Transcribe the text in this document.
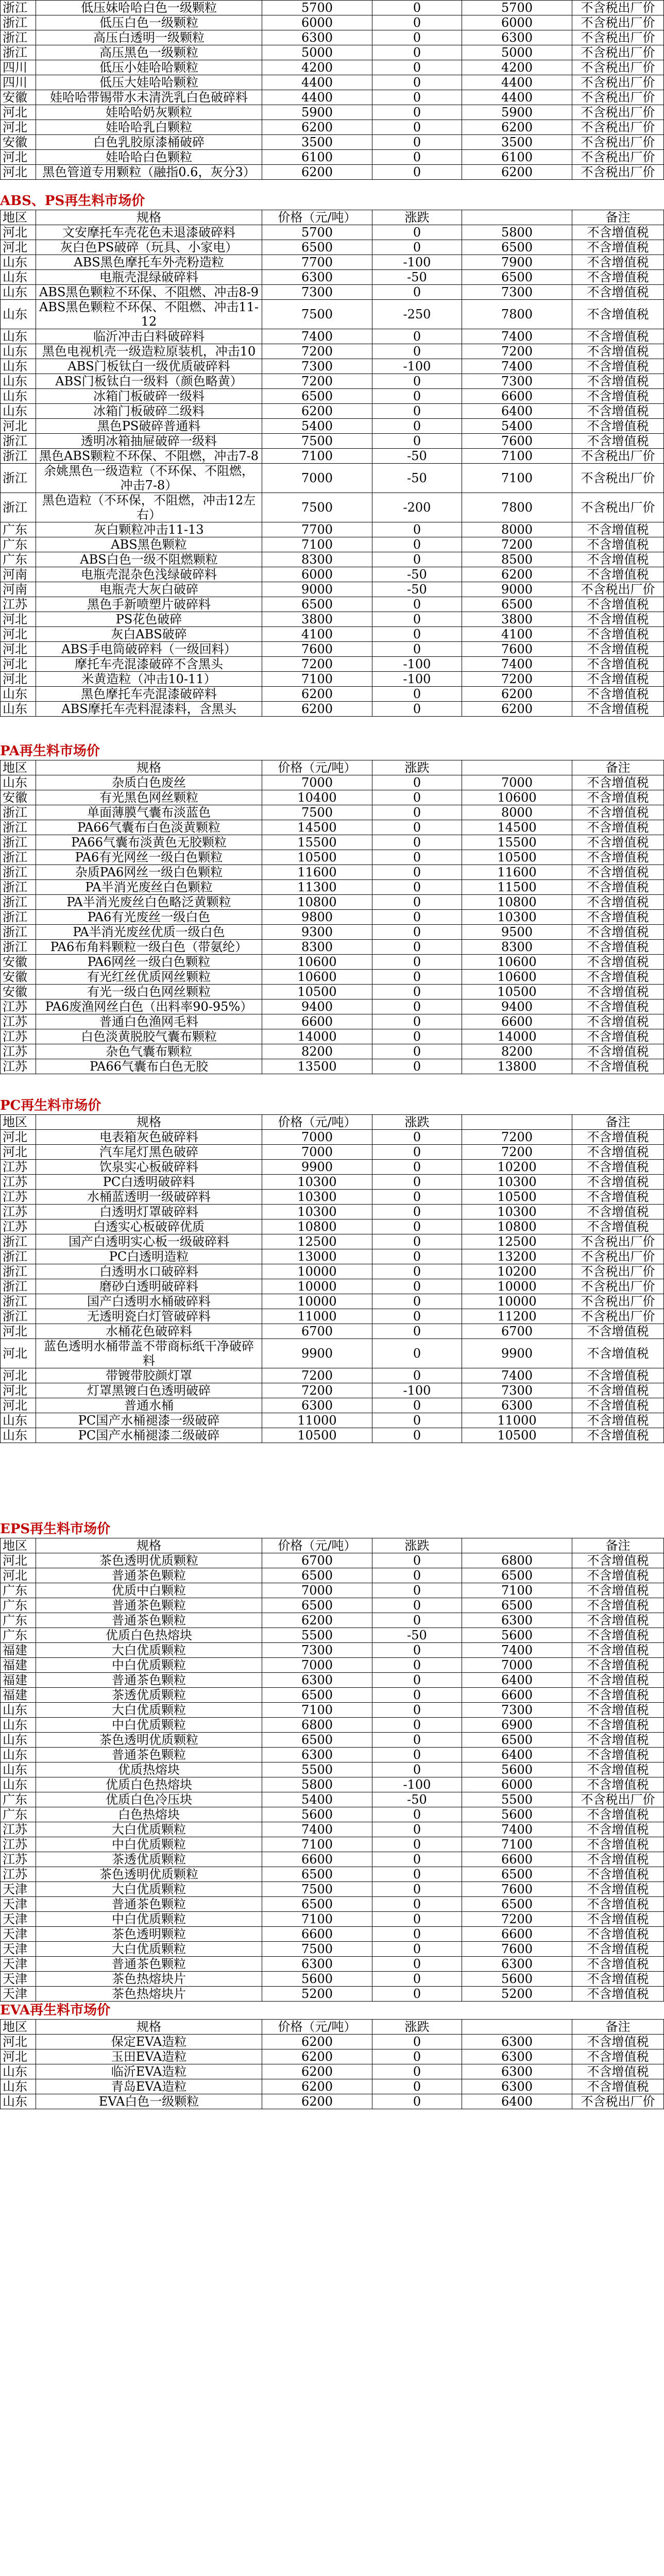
浙江	低压妹哈哈白色一级颗粒	5700	0	5700	不含税出厂价
浙江	低压白色一级颗粒	6000	0	6000	不含税出厂价
浙江	高压白透明一级颗粒	6300	0	6300	不含税出厂价
浙江	高压黑色一级颗粒	5000	0	5000	不含税出厂价
四川	低压小娃哈哈颗粒	4200	0	4200	不含税出厂价
四川	低压大娃哈哈颗粒	4400	0	4400	不含税出厂价
安徽	娃哈哈带锡带水未清洗乳白色破碎料	4400	0	4400	不含税出厂价
河北	娃哈哈奶灰颗粒	5900	0	5900	不含税出厂价
河北	娃哈哈乳白颗粒	6200	0	6200	不含税出厂价
安徽	白色乳胶原漆桶破碎	3500	0	3500	不含税出厂价
河北	娃哈哈白色颗粒	6100	0	6100	不含税出厂价
河北	黑色管道专用颗粒（融指0.6，灰分3）	6200	0	6200	不含税出厂价
ABS、PS再生料市场价
地区	规格	价格（元/吨）	涨跌		备注
河北	文安摩托车壳花色未退漆破碎料	5700	0	5800	不含增值税
河北	灰白色PS破碎（玩具、小家电）	6500	0	6500	不含增值税
山东	ABS黑色摩托车外壳粉造粒	7700	-100	7900	不含增值税
山东	电瓶壳混绿破碎料	6300	-50	6500	不含增值税
山东	ABS黑色颗粒不环保、不阻燃、冲击8-9	7300	0	7300	不含增值税
山东	ABS黑色颗粒不环保、不阻燃、冲击11-12	7500	-250	7800	不含增值税
山东	临沂冲击白料破碎料	7400	0	7400	不含增值税
山东	黑色电视机壳一级造粒原装机，冲击10	7200	0	7200	不含增值税
山东	ABS门板钛白一级优质破碎料	7300	-100	7400	不含增值税
山东	ABS门板钛白一级料（颜色略黄）	7200	0	7300	不含增值税
山东	冰箱门板破碎一级料	6500	0	6600	不含增值税
山东	冰箱门板破碎二级料	6200	0	6400	不含增值税
河北	黑色PS破碎普通料	5400	0	5400	不含增值税
浙江	透明冰箱抽屉破碎一级料	7500	0	7600	不含增值税
浙江	黑色ABS颗粒不环保、不阻燃，冲击7-8	7100	-50	7100	不含税出厂价
浙江	余姚黑色一级造粒（不环保、不阻燃，冲击7-8）	7000	-50	7100	不含税出厂价
浙江	黑色造粒（不环保，不阻燃，冲击12左右）	7500	-200	7800	不含税出厂价
广东	灰白颗粒冲击11-13	7700	0	8000	不含增值税
广东	ABS黑色颗粒	7100	0	7200	不含增值税
广东	ABS白色一级不阻燃颗粒	8300	0	8500	不含增值税
河南	电瓶壳混杂色浅绿破碎料	6000	-50	6200	不含增值税
河南	电瓶壳大灰白破碎	9000	-50	9000	不含税出厂价
江苏	黑色手新喷塑片破碎料	6500	0	6500	不含增值税
河北	PS花色破碎	3800	0	3800	不含增值税
河北	灰白ABS破碎	4100	0	4100	不含增值税
河北	ABS手电筒破碎料（一级回料）	7600	0	7600	不含增值税
河北	摩托车壳混漆破碎不含黑头	7200	-100	7400	不含增值税
河北	米黄造粒（冲击10-11）	7100	-100	7200	不含增值税
山东	黑色摩托车壳混漆破碎料	6200	0	6200	不含增值税
山东	ABS摩托车壳料混漆料，含黑头	6200	0	6200	不含增值税
PA再生料市场价
地区	规格	价格（元/吨）	涨跌		备注
山东	杂质白色废丝	7000	0	7000	不含增值税
安徽	有光黑色网丝颗粒	10400	0	10600	不含增值税
浙江	单面薄膜气囊布淡蓝色	7500	0	8000	不含增值税
浙江	PA66气囊布白色淡黄颗粒	14500	0	14500	不含增值税
浙江	PA66气囊布淡黄色无胶颗粒	15500	0	15500	不含增值税
浙江	PA6有光网丝一级白色颗粒	10500	0	10500	不含增值税
浙江	杂质PA6网丝一级白色颗粒	11600	0	11600	不含增值税
浙江	PA半消光废丝白色颗粒	11300	0	11500	不含增值税
浙江	PA半消光废丝白色略泛黄颗粒	10800	0	10800	不含增值税
浙江	PA6有光废丝一级白色	9800	0	10300	不含增值税
浙江	PA半消光废丝优质一级白色	9300	0	9500	不含增值税
浙江	PA6布角料颗粒一级白色（带氨纶）	8300	0	8300	不含增值税
安徽	PA6网丝一级白色颗粒	10600	0	10600	不含增值税
安徽	有光红丝优质网丝颗粒	10600	0	10600	不含增值税
安徽	有光一级白色网丝颗粒	10500	0	10500	不含增值税
江苏	PA6废渔网丝白色（出料率90-95%）	9400	0	9400	不含增值税
江苏	普通白色渔网毛料	6600	0	6600	不含增值税
江苏	白色淡黄脱胶气囊布颗粒	14000	0	14000	不含增值税
江苏	杂色气囊布颗粒	8200	0	8200	不含增值税
江苏	PA66气囊布白色无胶	13500	0	13800	不含增值税
PC再生料市场价
地区	规格	价格（元/吨）	涨跌		备注
河北	电表箱灰色破碎料	7000	0	7200	不含增值税
河北	汽车尾灯黑色破碎	7000	0	7200	不含增值税
江苏	饮泉实心板破碎料	9900	0	10200	不含增值税
江苏	PC白透明破碎料	10300	0	10300	不含增值税
江苏	水桶蓝透明一级破碎料	10300	0	10500	不含增值税
江苏	白透明灯罩破碎料	10300	0	10300	不含增值税
江苏	白透实心板破碎优质	10800	0	10800	不含增值税
浙江	国产白透明实心板一级破碎料	12500	0	12500	不含税出厂价
浙江	PC白透明造粒	13000	0	13200	不含税出厂价
浙江	白透明水口破碎料	10000	0	10200	不含税出厂价
浙江	磨砂白透明破碎料	10000	0	10000	不含税出厂价
浙江	国产白透明水桶破碎料	10000	0	10000	不含税出厂价
浙江	无透明瓷白灯管破碎料	11000	0	11200	不含税出厂价
河北	水桶花色破碎料	6700	0	6700	不含增值税
河北	蓝色透明水桶带盖不带商标纸干净破碎料	9900	0	9900	不含增值税
河北	带镀带胶颜灯罩	7200	0	7400	不含增值税
河北	灯罩黑镀白色透明破碎	7200	-100	7300	不含增值税
河北	普通水桶	6300	0	6300	不含增值税
山东	PC国产水桶褪漆一级破碎	11000	0	11000	不含增值税
山东	PC国产水桶褪漆二级破碎	10500	0	10500	不含增值税
EPS再生料市场价
地区	规格	价格（元/吨）	涨跌		备注
河北	茶色透明优质颗粒	6700	0	6800	不含增值税
河北	普通茶色颗粒	6500	0	6500	不含增值税
广东	优质中白颗粒	7000	0	7100	不含增值税
广东	普通茶色颗粒	6500	0	6500	不含增值税
广东	普通茶色颗粒	6200	0	6300	不含增值税
广东	优质白色热熔块	5500	-50	5600	不含增值税
福建	大白优质颗粒	7300	0	7400	不含增值税
福建	中白优质颗粒	7000	0	7000	不含增值税
福建	普通茶色颗粒	6300	0	6400	不含增值税
福建	茶透优质颗粒	6500	0	6600	不含增值税
山东	大白优质颗粒	7100	0	7300	不含增值税
山东	中白优质颗粒	6800	0	6900	不含增值税
山东	茶色透明优质颗粒	6500	0	6500	不含增值税
山东	普通茶色颗粒	6300	0	6400	不含增值税
山东	优质热熔块	5500	0	5600	不含增值税
山东	优质白色热熔块	5800	-100	6000	不含增值税
广东	优质白色冷压块	5400	-50	5500	不含税出厂价
广东	白色热熔块	5600	0	5600	不含增值税
江苏	大白优质颗粒	7400	0	7400	不含增值税
江苏	中白优质颗粒	7100	0	7100	不含增值税
江苏	茶透优质颗粒	6600	0	6600	不含增值税
江苏	茶色透明优质颗粒	6500	0	6500	不含增值税
天津	大白优质颗粒	7500	0	7600	不含增值税
天津	普通茶色颗粒	6500	0	6500	不含增值税
天津	中白优质颗粒	7100	0	7200	不含增值税
天津	茶色透明颗粒	6600	0	6600	不含增值税
天津	大白优质颗粒	7500	0	7600	不含增值税
天津	普通茶色颗粒	6300	0	6300	不含增值税
天津	茶色热熔块片	5600	0	5600	不含增值税
天津	茶色热熔块片	5200	0	5200	不含增值税
EVA再生料市场价
地区	规格	价格（元/吨）	涨跌		备注
河北	保定EVA造粒	6200	0	6300	不含增值税
河北	玉田EVA造粒	6200	0	6300	不含增值税
山东	临沂EVA造粒	6200	0	6300	不含增值税
山东	青岛EVA造粒	6200	0	6300	不含增值税
山东	EVA白色一级颗粒	6200	0	6400	不含税出厂价
